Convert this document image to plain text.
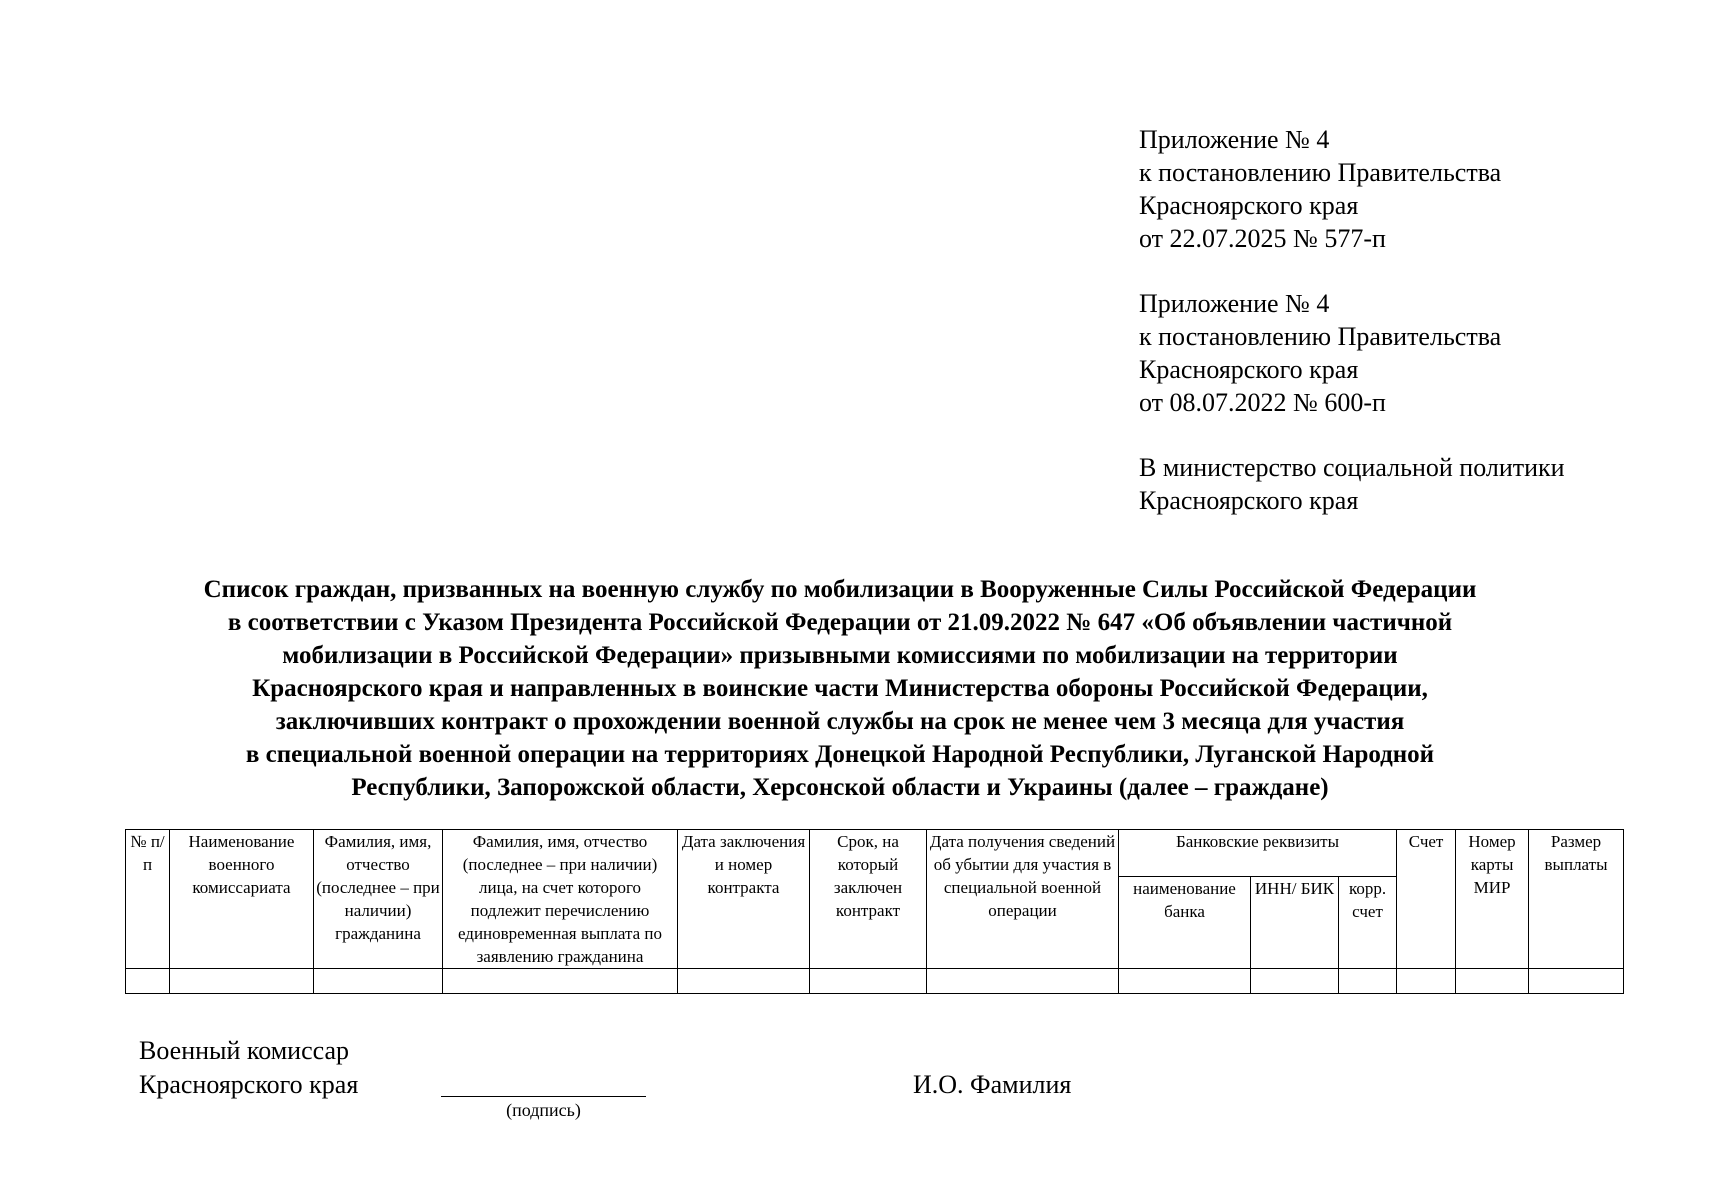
Приложение № 4
к постановлению Правительства
Красноярского края
от 22.07.2025 № 577-п
Приложение № 4
к постановлению Правительства
Красноярского края
от 08.07.2022 № 600-п
В министерство социальной политики
Красноярского края
Список граждан, призванных на военную службу по мобилизации в Вооруженные Силы Российской Федерации
в соответствии с Указом Президента Российской Федерации от 21.09.2022 № 647 «Об объявлении частичной
мобилизации в Российской Федерации» призывными комиссиями по мобилизации на территории
Красноярского края и направленных в воинские части Министерства обороны Российской Федерации,
заключивших контракт о прохождении военной службы на срок не менее чем 3 месяца для участия
в специальной военной операции на территориях Донецкой Народной Республики, Луганской Народной
Республики, Запорожской области, Херсонской области и Украины (далее – граждане)
№ п/п	Наименование военного комиссариата	Фамилия, имя, отчество (последнее – при наличии) гражданина	Фамилия, имя, отчество (последнее – при наличии) лица, на счет которого подлежит перечислению единовременная выплата по заявлению гражданина	Дата заключения и номер контракта	Срок, на который заключен контракт	Дата получения сведений об убытии для участия в специальной военной операции	Банковские реквизиты			Счет	Номер карты МИР	Размер выплаты
							наименование банка	ИНН/ БИК	корр. счет			

Военный комиссар
Красноярского края
(подпись)
И.О. Фамилия
